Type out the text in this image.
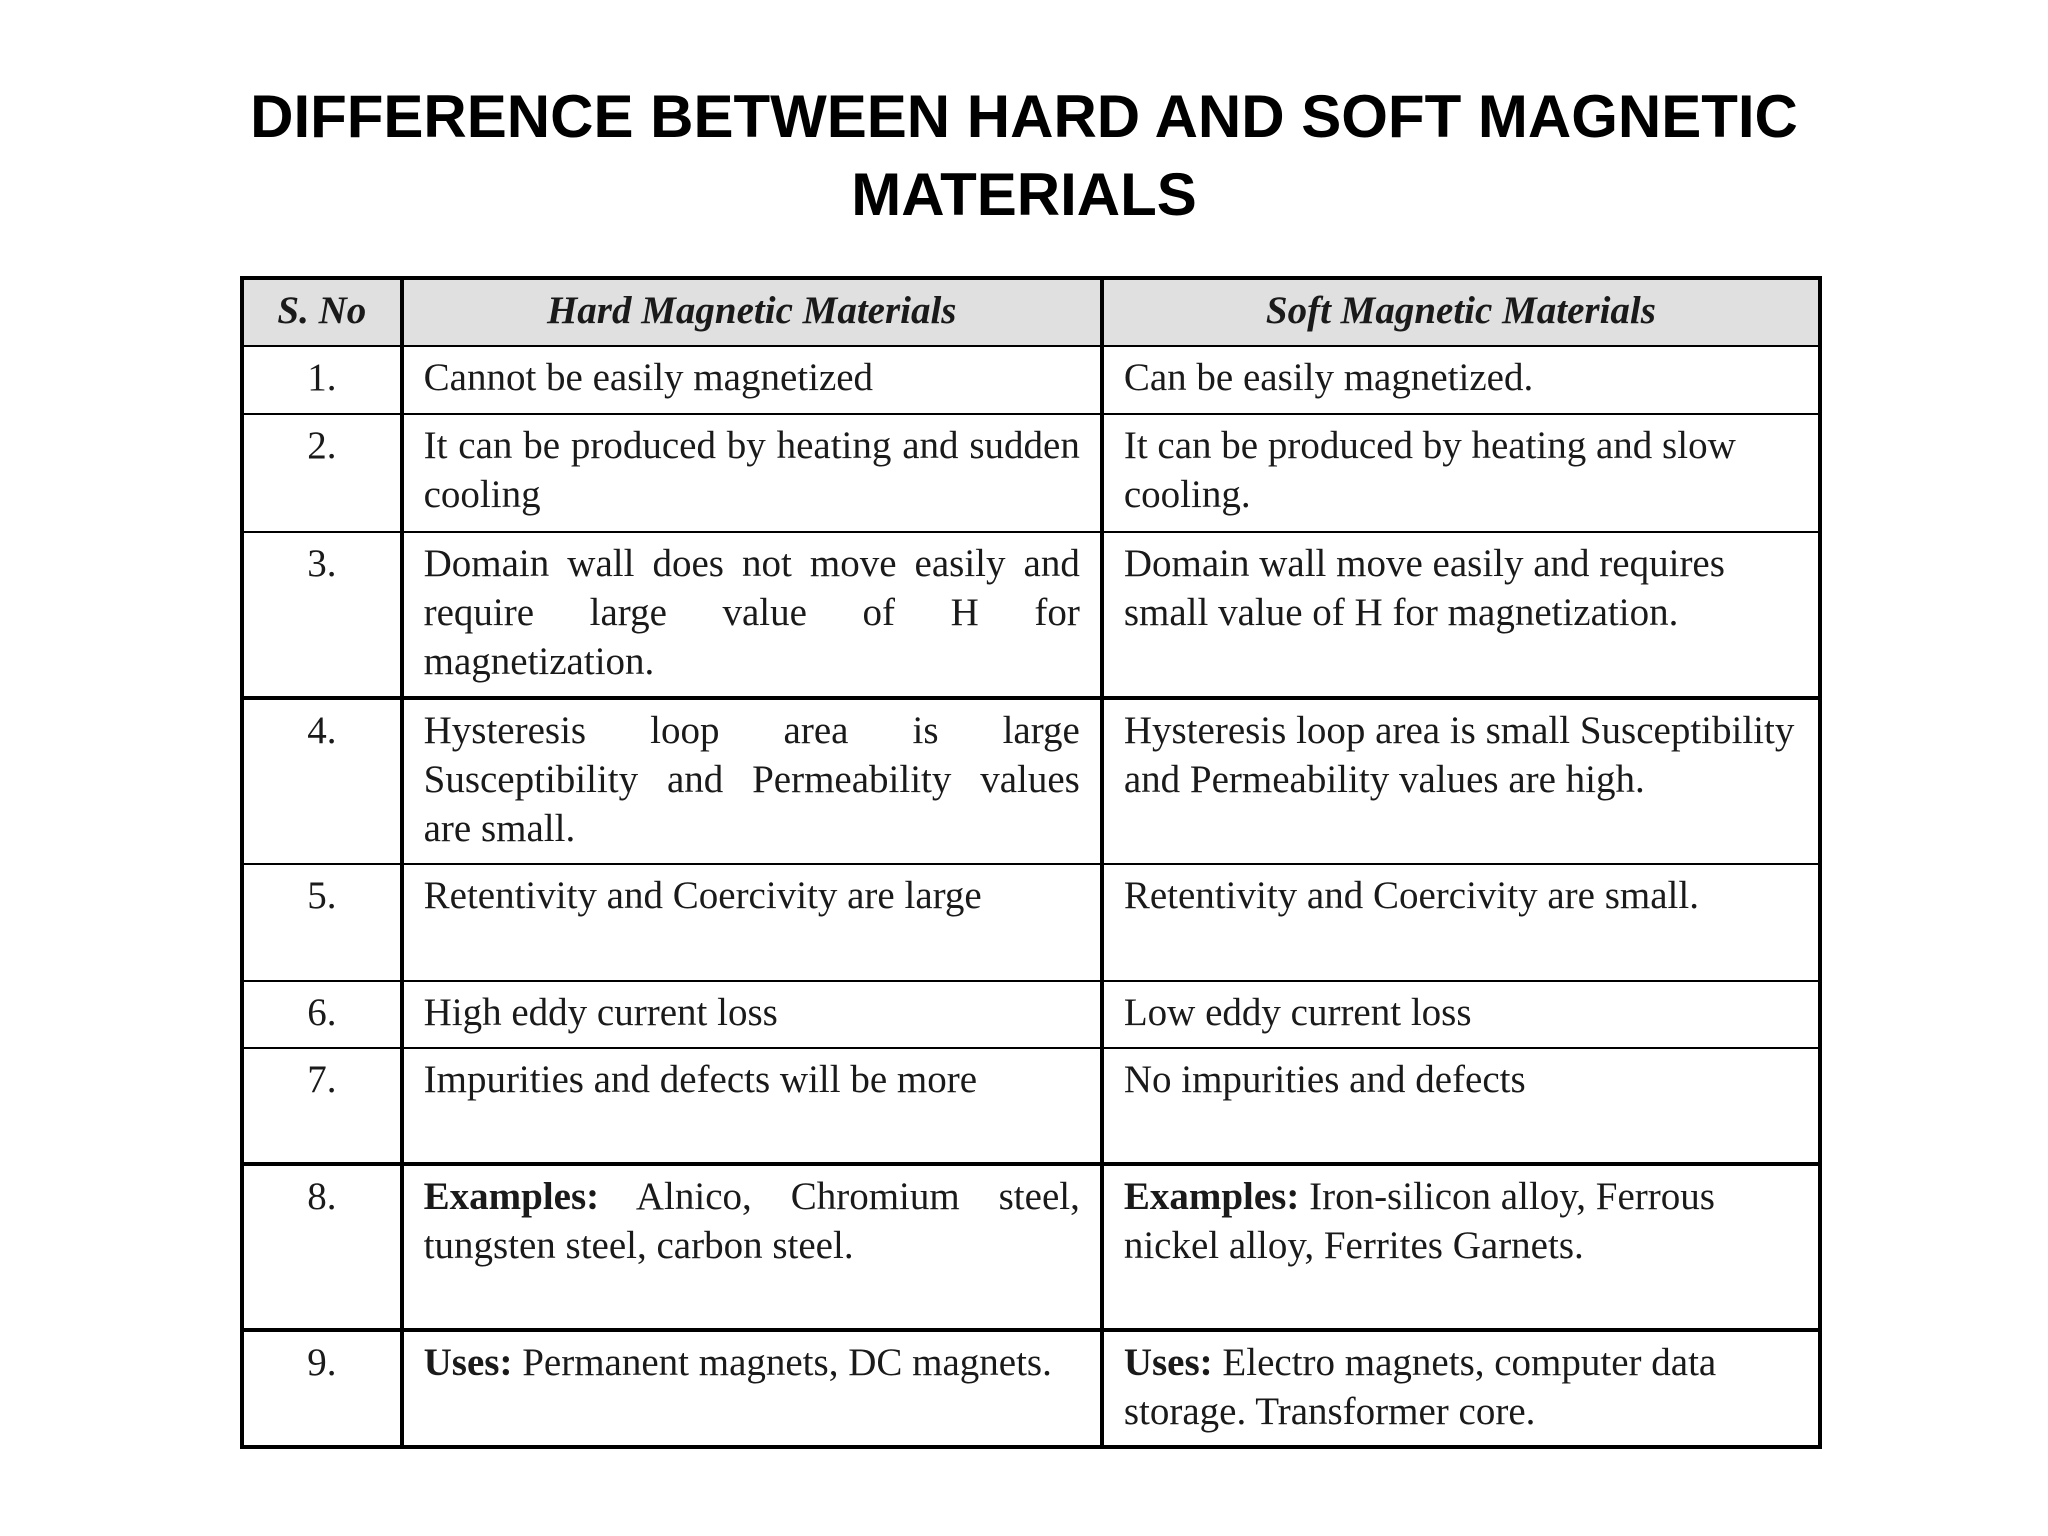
DIFFERENCE BETWEEN HARD AND SOFT MAGNETIC
MATERIALS
S. No	Hard Magnetic Materials	Soft Magnetic Materials
1.	Cannot be easily magnetized	Can be easily magnetized.
2.	It can be produced by heating and sudden cooling	It can be produced by heating and slow cooling.
3.	Domain wall does not move easily and require large value of H for magnetization.	Domain wall move easily and requires small value of H for magnetization.
4.	Hysteresis loop area is large Susceptibility and Permeability values are small.	Hysteresis loop area is small Susceptibility and Permeability values are high.
5.	Retentivity and Coercivity are large	Retentivity and Coercivity are small.
6.	High eddy current loss	Low eddy current loss
7.	Impurities and defects will be more	No impurities and defects
8.	Examples: Alnico, Chromium steel, tungsten steel, carbon steel.	Examples: Iron-silicon alloy, Ferrous nickel alloy, Ferrites Garnets.
9.	Uses: Permanent magnets, DC magnets.	Uses: Electro magnets, computer data storage. Transformer core.
